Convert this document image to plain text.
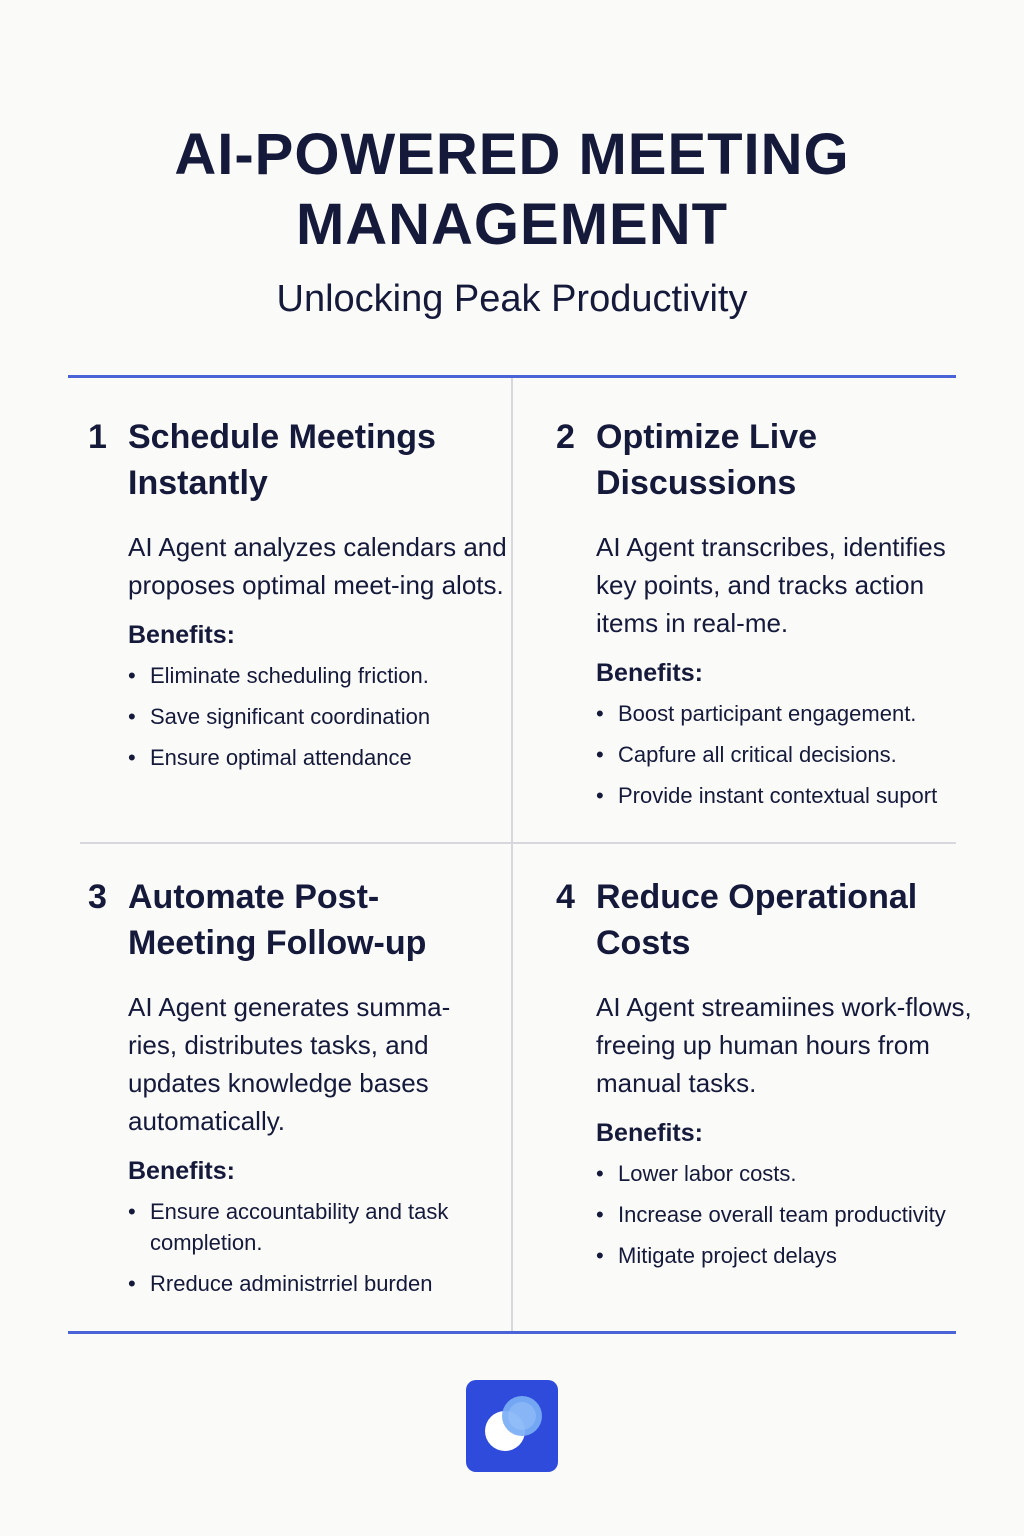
AI-POWERED MEETING MANAGEMENT

Unlocking Peak Productivity

1 Schedule Meetings Instantly

AI Agent analyzes calendars and proposes optimal meet-ing alots.

Benefits:

• Eliminate scheduling friction.
• Save significant coordination
• Ensure optimal attendance
2 Optimize Live Discussions

AI Agent transcribes, identifies key points, and tracks action items in real-me.

Benefits:

• Boost participant engagement.
• Capfure all critical decisions.
• Provide instant contextual suport
3 Automate Post-Meeting Follow-up

AI Agent generates summa-ries, distributes tasks, and updates knowledge bases automatically.

Benefits:

• Ensure accountability and task completion.
• Rreduce administrriel burden
4 Reduce Operational Costs

AI Agent streamiines work-flows, freeing up human hours from manual tasks.

Benefits:

• Lower labor costs.
• Increase overall team productivity
• Mitigate project delays
